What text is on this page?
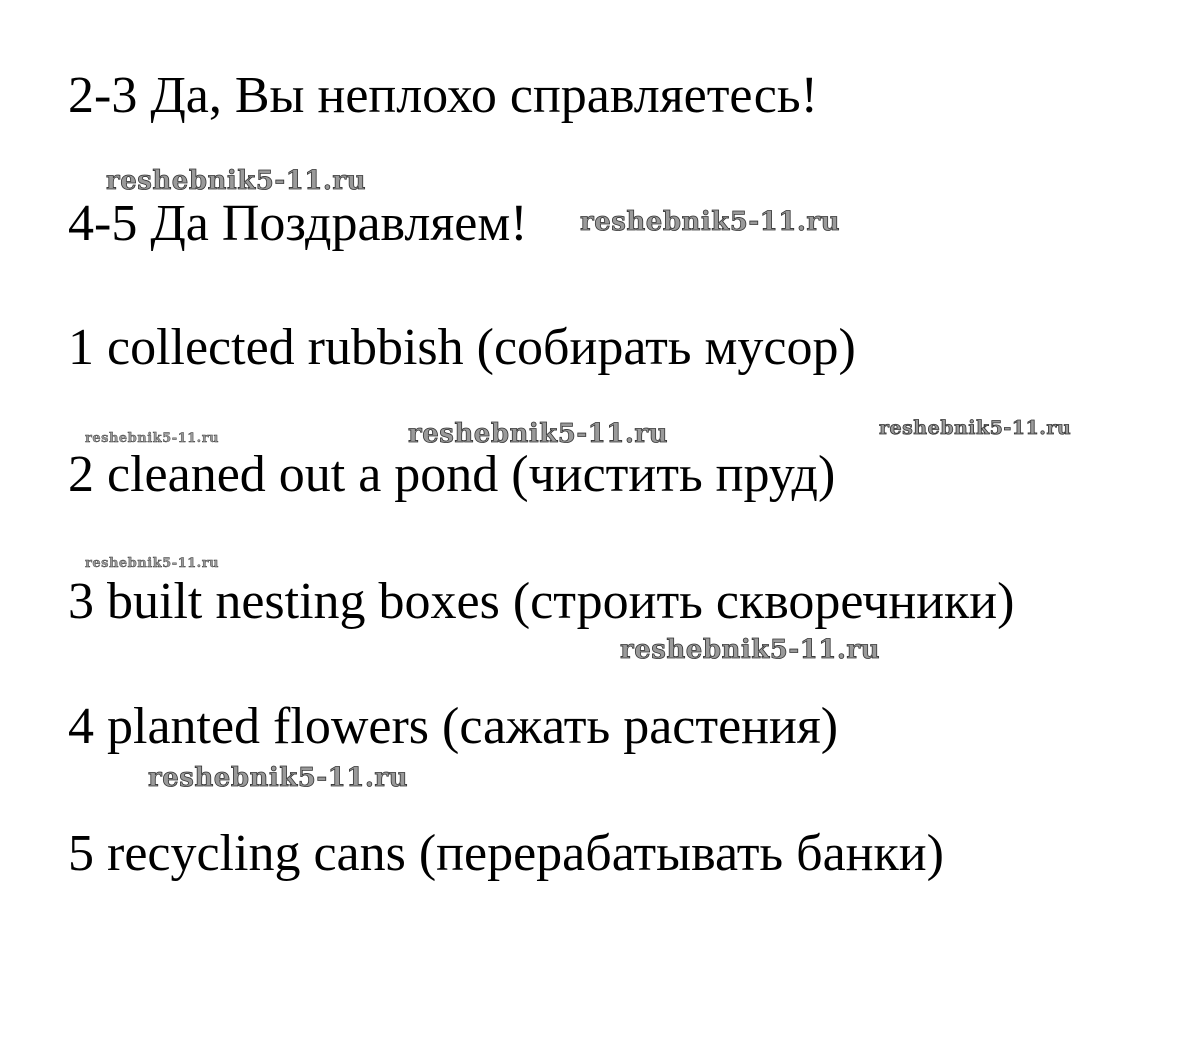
2-3 Да, Вы неплохо справляетесь!

4-5 Да Поздравляем!

1 collected rubbish (собирать мусор)

2 cleaned out a pond (чистить пруд)

3 built nesting boxes (строить скворечники)

4 planted flowers (сажать растения)

5 recycling cans (перерабатывать банки)

reshebnik5-11.ru
reshebnik5-11.ru
reshebnik5-11.ru	reshebnik5-11.ru	reshebnik5-11.ru
reshebnik5-11.ru
reshebnik5-11.ru
reshebnik5-11.ru
